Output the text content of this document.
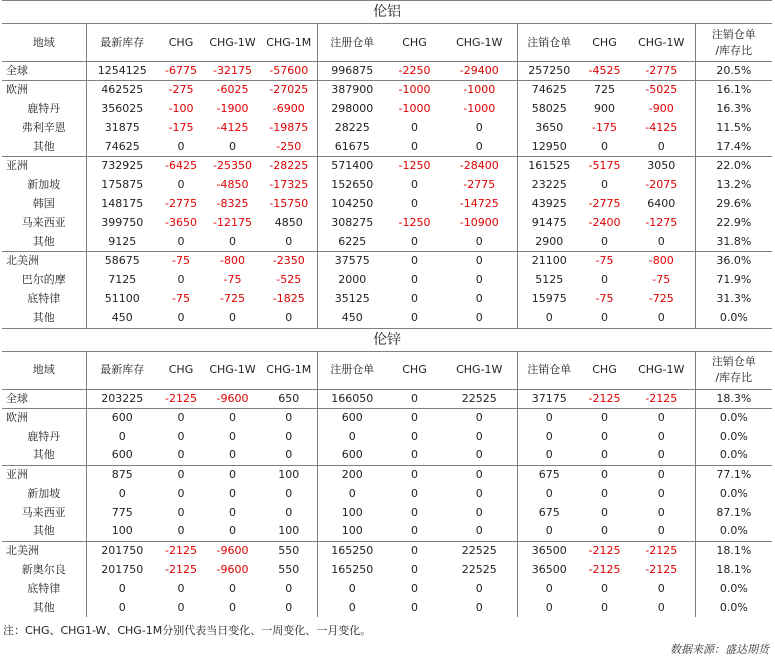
伦铝											
地域	最新库存	CHG	CHG-1W	CHG-1M	注册仓单	CHG	CHG-1W	注销仓单	CHG	CHG-1W	注销仓单
/库存比

全球	1254125	-6775	-32175	-57600	996875	-2250	-29400	257250	-4525	-2775	20.5%
欧洲	462525	-275	-6025	-27025	387900	-1000	-1000	74625	725	-5025	16.1%
鹿特丹	356025	-100	-1900	-6900	298000	-1000	-1000	58025	900	-900	16.3%
弗利辛恩	31875	-175	-4125	-19875	28225	0	0	3650	-175	-4125	11.5%
其他	74625	0	0	-250	61675	0	0	12950	0	0	17.4%
亚洲	732925	-6425	-25350	-28225	571400	-1250	-28400	161525	-5175	3050	22.0%
新加坡	175875	0	-4850	-17325	152650	0	-2775	23225	0	-2075	13.2%
韩国	148175	-2775	-8325	-15750	104250	0	-14725	43925	-2775	6400	29.6%
马来西亚	399750	-3650	-12175	4850	308275	-1250	-10900	91475	-2400	-1275	22.9%
其他	9125	0	0	0	6225	0	0	2900	0	0	31.8%
北美洲	58675	-75	-800	-2350	37575	0	0	21100	-75	-800	36.0%
巴尔的摩	7125	0	-75	-525	2000	0	0	5125	0	-75	71.9%
底特律	51100	-75	-725	-1825	35125	0	0	15975	-75	-725	31.3%
其他	450	0	0	0	450	0	0	0	0	0	0.0%
伦锌											
地域	最新库存	CHG	CHG-1W	CHG-1M	注册仓单	CHG	CHG-1W	注销仓单	CHG	CHG-1W	注销仓单
/库存比

全球	203225	-2125	-9600	650	166050	0	22525	37175	-2125	-2125	18.3%
欧洲	600	0	0	0	600	0	0	0	0	0	0.0%
鹿特丹	0	0	0	0	0	0	0	0	0	0	0.0%
其他	600	0	0	0	600	0	0	0	0	0	0.0%
亚洲	875	0	0	100	200	0	0	675	0	0	77.1%
新加坡	0	0	0	0	0	0	0	0	0	0	0.0%
马来西亚	775	0	0	0	100	0	0	675	0	0	87.1%
其他	100	0	0	100	100	0	0	0	0	0	0.0%
北美洲	201750	-2125	-9600	550	165250	0	22525	36500	-2125	-2125	18.1%
新奥尔良	201750	-2125	-9600	550	165250	0	22525	36500	-2125	-2125	18.1%
底特律	0	0	0	0	0	0	0	0	0	0	0.0%
其他	0	0	0	0	0	0	0	0	0	0	0.0%
注：CHG、CHG1-W、CHG-1M分别代表当日变化、一周变化、一月变化。
数据来源：盛达期货
